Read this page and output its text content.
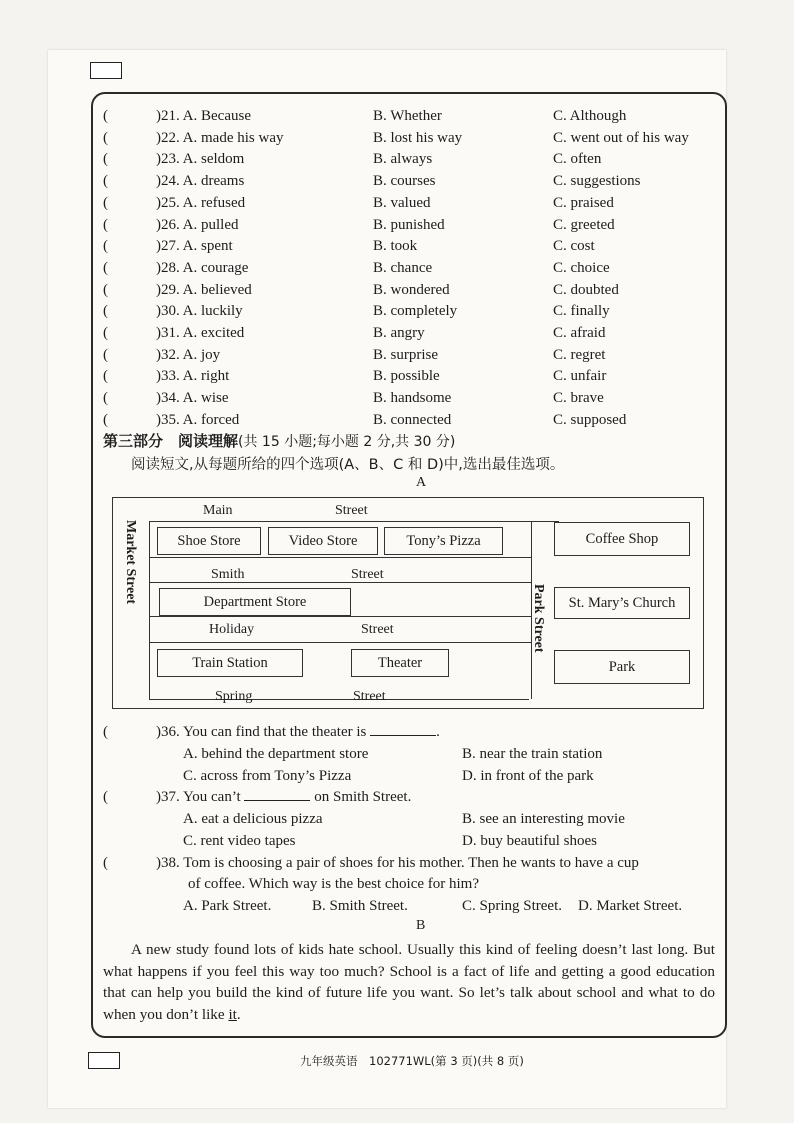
(	)21. A. Because	B. Whether	C. Although
(	)22. A. made his way	B. lost his way	C. went out of his way
(	)23. A. seldom	B. always	C. often
(	)24. A. dreams	B. courses	C. suggestions
(	)25. A. refused	B. valued	C. praised
(	)26. A. pulled	B. punished	C. greeted
(	)27. A. spent	B. took	C. cost
(	)28. A. courage	B. chance	C. choice
(	)29. A. believed	B. wondered	C. doubted
(	)30. A. luckily	B. completely	C. finally
(	)31. A. excited	B. angry	C. afraid
(	)32. A. joy	B. surprise	C. regret
(	)33. A. right	B. possible	C. unfair
(	)34. A. wise	B. handsome	C. brave
(	)35. A. forced	B. connected	C. supposed
第三部分　阅读理解(共 15 小题;每小题 2 分,共 30 分)
阅读短文,从每题所给的四个选项(A、B、C 和 D)中,选出最佳选项。
A
Main	Street
Smith	Street
Holiday	Street
Spring	Street
Market Street
Park Street
Shoe Store	Video Store	Tony’s Pizza	Coffee Shop
Department Store	St. Mary’s Church
Train Station	Theater	Park
(	)36. You can find that the theater is	.
A. behind the department store	B. near the train station
C. across from Tony’s Pizza	D. in front of the park
(	)37. You can’t	on Smith Street.
A. eat a delicious pizza	B. see an interesting movie
C. rent video tapes	D. buy beautiful shoes
(	)38. Tom is choosing a pair of shoes for his mother. Then he wants to have a cup
of coffee. Which way is the best choice for him?
A. Park Street.	B. Smith Street.	C. Spring Street. D. Market Street.
B
A new study found lots of kids hate school. Usually this kind of feeling doesn’t last long. But what happens if you feel this way too much? School is a fact of life and getting a good education that can help you build the kind of future life you want. So let’s talk about school and what to do when you don’t like it.
九年级英语　102771WL(第 3 页)(共 8 页)
